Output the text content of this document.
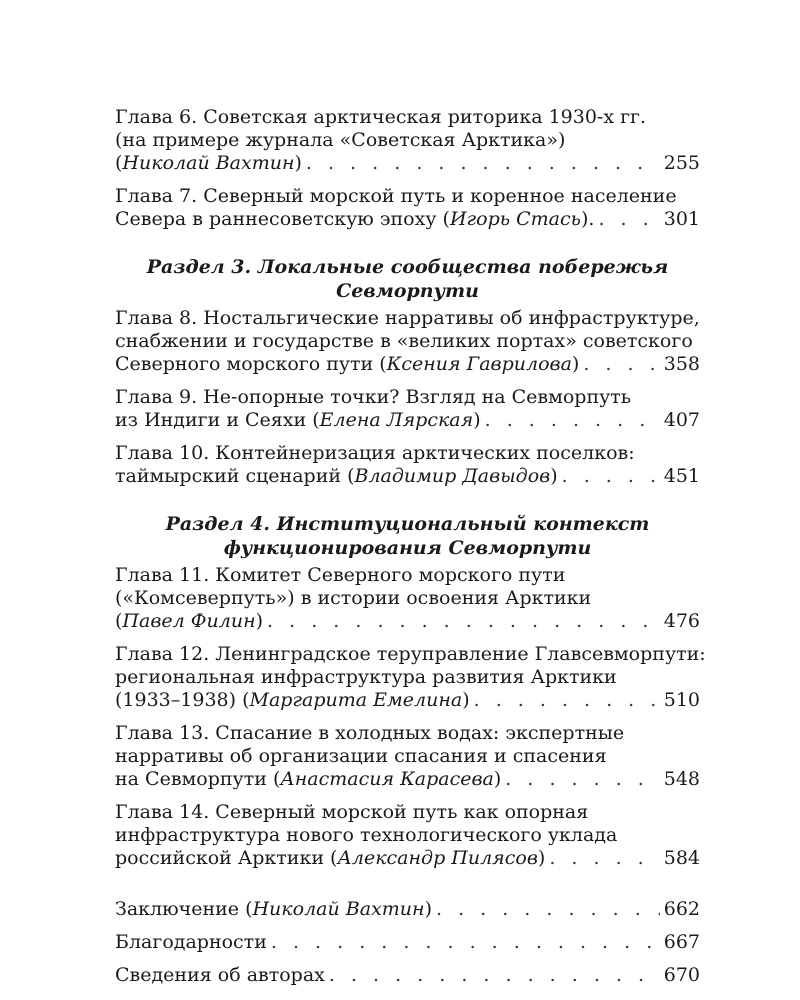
Глава 6. Советская арктическая риторика 1930-х гг.
(на примере журнала «Советская Арктика»)
(Николай Вахтин) . . .	255
Глава 7. Северный морской путь и коренное население
Севера в раннесоветскую эпоху (Игорь Стась). . . .	301
Раздел 3. Локальные сообщества побережья Севморпути
Глава 8. Ностальгические нарративы об инфраструктуре,
снабжении и государстве в «великих портах» советского
Северного морского пути (Ксения Гаврилова) . . .	358
Глава 9. Не-опорные точки? Взгляд на Севморпуть
из Индиги и Сеяхи (Елена Лярская) . . .	407
Глава 10. Контейнеризация арктических поселков:
таймырский сценарий (Владимир Давыдов) . . .	451
Раздел 4. Институциональный контекст
функционирования Севморпути
Глава 11. Комитет Северного морского пути
(«Комсеверпуть») в истории освоения Арктики
(Павел Филин) . . .	476
Глава 12. Ленинградское теруправление Главсевморпути:
региональная инфраструктура развития Арктики
(1933–1938) (Маргарита Емелина) . . .	510
Глава 13. Спасание в холодных водах: экспертные
нарративы об организации спасания и спасения
на Севморпути (Анастасия Карасева) . . .	548
Глава 14. Северный морской путь как опорная
инфраструктура нового технологического уклада
российской Арктики (Александр Пилясов) . . .	584
Заключение (Николай Вахтин) . . .	662
Благодарности . . .	667
Сведения об авторах . . .	670
